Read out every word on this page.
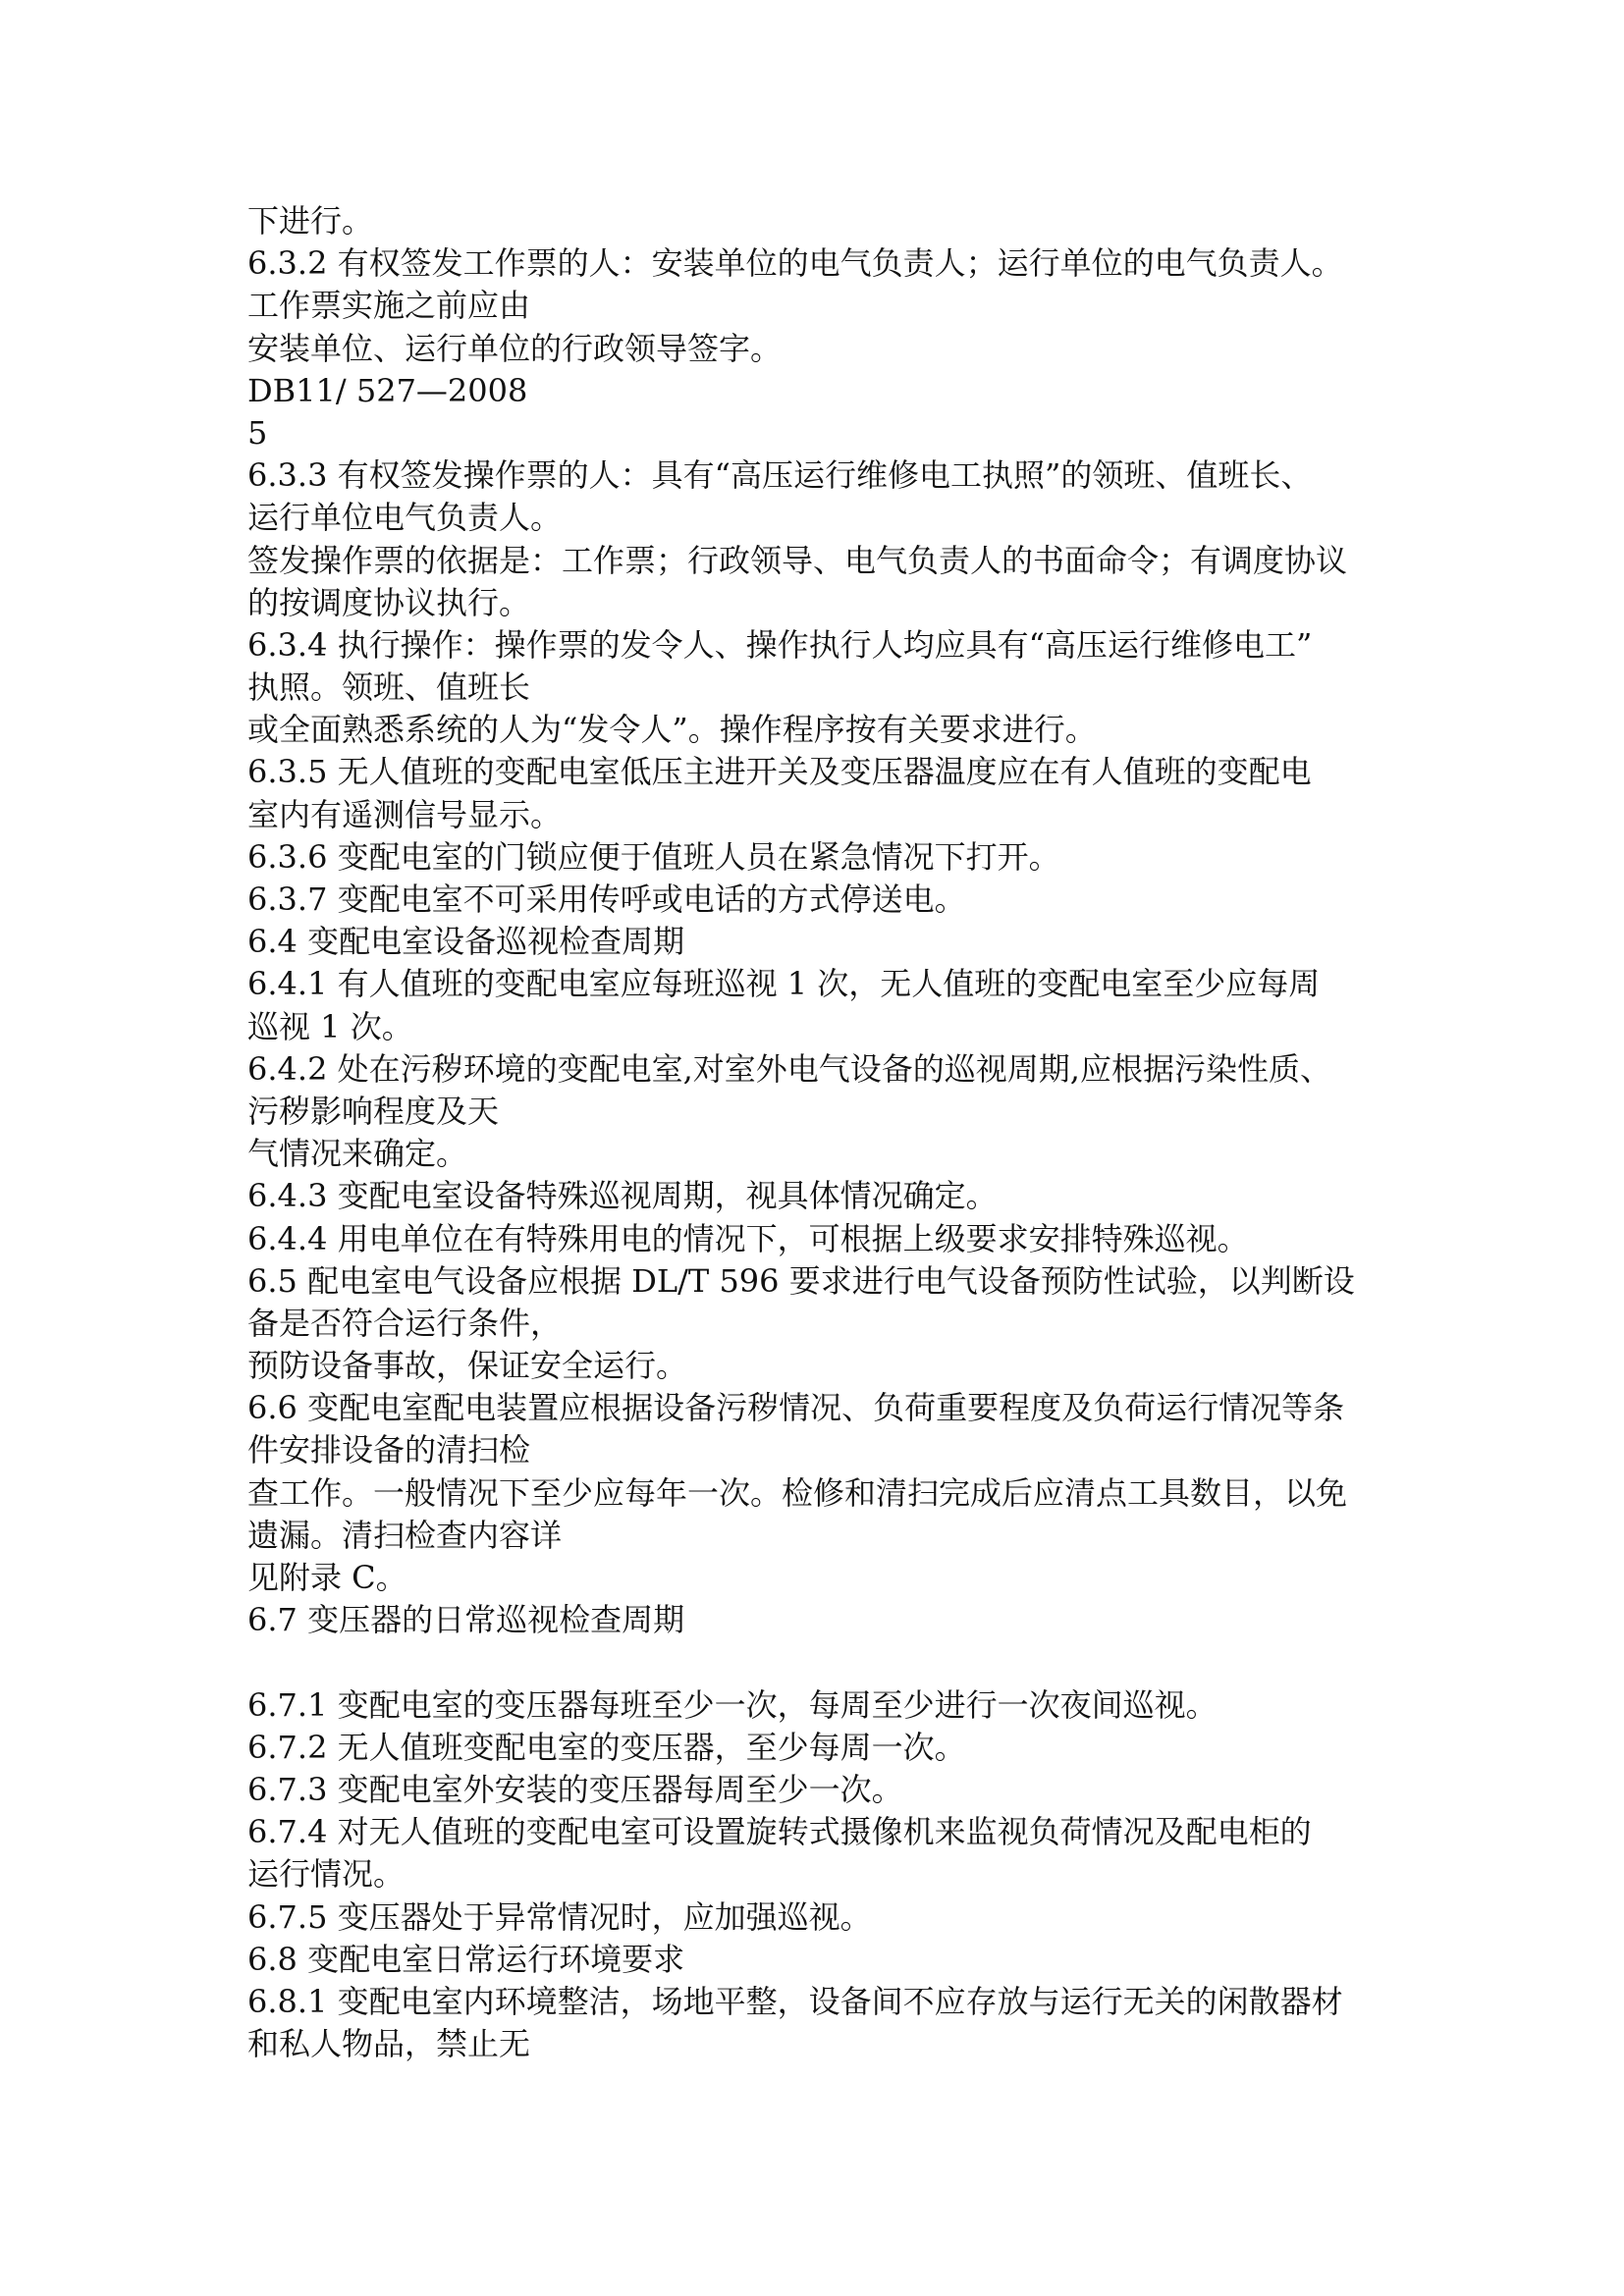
下进行。

6.3.2 有权签发工作票的人：安装单位的电气负责人；运行单位的电气负责人。

工作票实施之前应由

安装单位、运行单位的行政领导签字。

DB11/ 527—2008

5

6.3.3 有权签发操作票的人：具有“高压运行维修电工执照”的领班、值班长、

运行单位电气负责人。

签发操作票的依据是：工作票；行政领导、电气负责人的书面命令；有调度协议

的按调度协议执行。

6.3.4 执行操作：操作票的发令人、操作执行人均应具有“高压运行维修电工”

执照。领班、值班长

或全面熟悉系统的人为“发令人”。操作程序按有关要求进行。

6.3.5 无人值班的变配电室低压主进开关及变压器温度应在有人值班的变配电

室内有遥测信号显示。

6.3.6 变配电室的门锁应便于值班人员在紧急情况下打开。

6.3.7 变配电室不可采用传呼或电话的方式停送电。

6.4 变配电室设备巡视检查周期

6.4.1 有人值班的变配电室应每班巡视 1 次，无人值班的变配电室至少应每周

巡视 1 次。

6.4.2 处在污秽环境的变配电室,对室外电气设备的巡视周期,应根据污染性质、

污秽影响程度及天

气情况来确定。

6.4.3 变配电室设备特殊巡视周期，视具体情况确定。

6.4.4 用电单位在有特殊用电的情况下，可根据上级要求安排特殊巡视。

6.5 配电室电气设备应根据 DL/T 596 要求进行电气设备预防性试验，以判断设

备是否符合运行条件，

预防设备事故，保证安全运行。

6.6 变配电室配电装置应根据设备污秽情况、负荷重要程度及负荷运行情况等条

件安排设备的清扫检

查工作。一般情况下至少应每年一次。检修和清扫完成后应清点工具数目，以免

遗漏。清扫检查内容详

见附录 C。

6.7 变压器的日常巡视检查周期

6.7.1 变配电室的变压器每班至少一次，每周至少进行一次夜间巡视。

6.7.2 无人值班变配电室的变压器，至少每周一次。

6.7.3 变配电室外安装的变压器每周至少一次。

6.7.4 对无人值班的变配电室可设置旋转式摄像机来监视负荷情况及配电柜的

运行情况。

6.7.5 变压器处于异常情况时，应加强巡视。

6.8 变配电室日常运行环境要求

6.8.1 变配电室内环境整洁，场地平整，设备间不应存放与运行无关的闲散器材

和私人物品，禁止无
